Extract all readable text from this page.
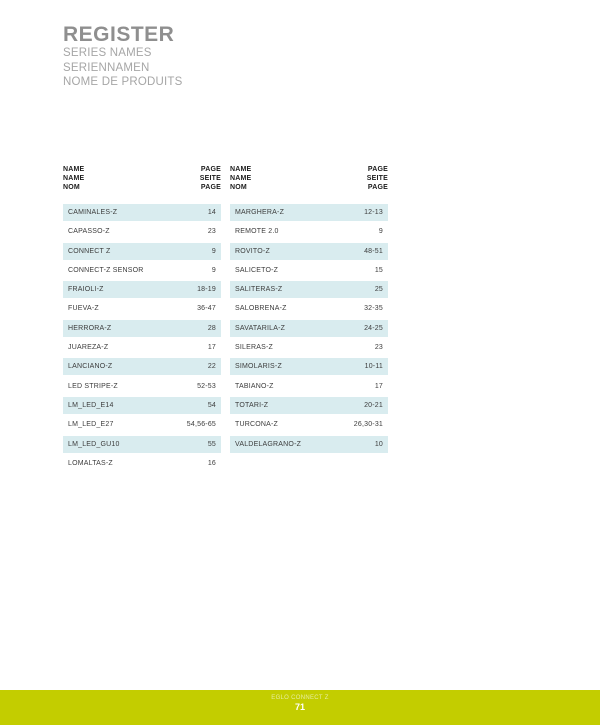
REGISTER
SERIES NAMES
SERIENNAMEN
NOME DE PRODUITS
NAME
NAME
NOM
PAGE
SEITE
PAGE
CAMINALES-Z	14
CAPASSO-Z	23
CONNECT Z	9
CONNECT-Z SENSOR	9
FRAIOLI-Z	18-19
FUEVA-Z	36-47
HERRORA-Z	28
JUAREZA-Z	17
LANCIANO-Z	22
LED STRIPE-Z	52-53
LM_LED_E14	54
LM_LED_E27	54,56-65
LM_LED_GU10	55
LOMALTAS-Z	16
NAME
NAME
NOM
PAGE
SEITE
PAGE
MARGHERA-Z	12-13
REMOTE 2.0	9
ROVITO-Z	48-51
SALICETO-Z	15
SALITERAS-Z	25
SALOBRENA-Z	32-35
SAVATARILA-Z	24-25
SILERAS-Z	23
SIMOLARIS-Z	10-11
TABIANO-Z	17
TOTARI-Z	20-21
TURCONA-Z	26,30-31
VALDELAGRANO-Z	10
EGLO CONNECT Z
71
